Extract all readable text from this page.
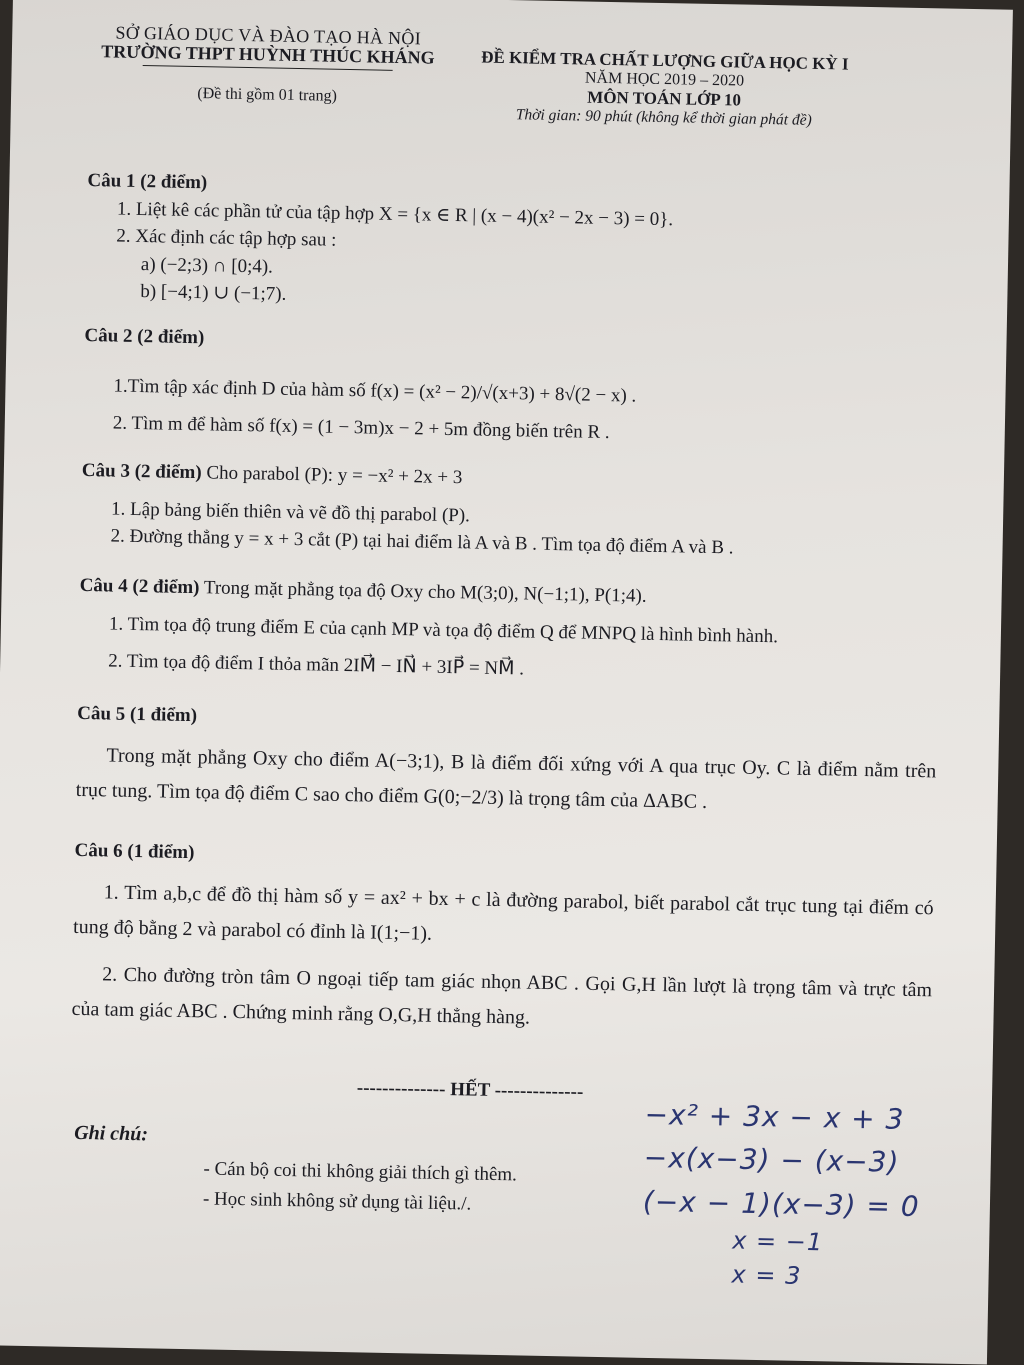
SỞ GIÁO DỤC VÀ ĐÀO TẠO HÀ NỘI
TRƯỜNG THPT HUỲNH THÚC KHÁNG
(Đề thi gồm 01 trang)
ĐỀ KIỂM TRA CHẤT LƯỢNG GIỮA HỌC KỲ I
NĂM HỌC 2019 – 2020
MÔN TOÁN LỚP 10
Thời gian: 90 phút (không kể thời gian phát đề)
Câu 1 (2 điểm)
1. Liệt kê các phần tử của tập hợp X = {x ∈ R | (x − 4)(x² − 2x − 3) = 0}.
2. Xác định các tập hợp sau :
a) (−2;3) ∩ [0;4).
b) [−4;1) ∪ (−1;7).
Câu 2 (2 điểm)
1.Tìm tập xác định D của hàm số f(x) = (x² − 2)/√(x+3) + 8√(2 − x) .
2. Tìm m để hàm số f(x) = (1 − 3m)x − 2 + 5m đồng biến trên R .
Câu 3 (2 điểm) Cho parabol (P): y = −x² + 2x + 3
1. Lập bảng biến thiên và vẽ đồ thị parabol (P).
2. Đường thẳng y = x + 3 cắt (P) tại hai điểm là A và B . Tìm tọa độ điểm A và B .
Câu 4 (2 điểm) Trong mặt phẳng tọa độ Oxy cho M(3;0), N(−1;1), P(1;4).
1. Tìm tọa độ trung điểm E của cạnh MP và tọa độ điểm Q để MNPQ là hình bình hành.
2. Tìm tọa độ điểm I thỏa mãn 2IM⃗ − IN⃗ + 3IP⃗ = NM⃗ .
Câu 5 (1 điểm)
Trong mặt phẳng Oxy cho điểm A(−3;1), B là điểm đối xứng với A qua trục Oy. C là điểm nằm trên trục tung. Tìm tọa độ điểm C sao cho điểm G(0;−2/3) là trọng tâm của ΔABC .
Câu 6 (1 điểm)
1. Tìm a,b,c để đồ thị hàm số y = ax² + bx + c là đường parabol, biết parabol cắt trục tung tại điểm có tung độ bằng 2 và parabol có đỉnh là I(1;−1).
2. Cho đường tròn tâm O ngoại tiếp tam giác nhọn ABC . Gọi G,H lần lượt là trọng tâm và trực tâm của tam giác ABC . Chứng minh rằng O,G,H thẳng hàng.
-------------- HẾT --------------
Ghi chú:
- Cán bộ coi thi không giải thích gì thêm.
- Học sinh không sử dụng tài liệu./.
−x² + 3x − x + 3
−x(x−3) − (x−3)
(−x − 1)(x−3) = 0
x = −1
x = 3
